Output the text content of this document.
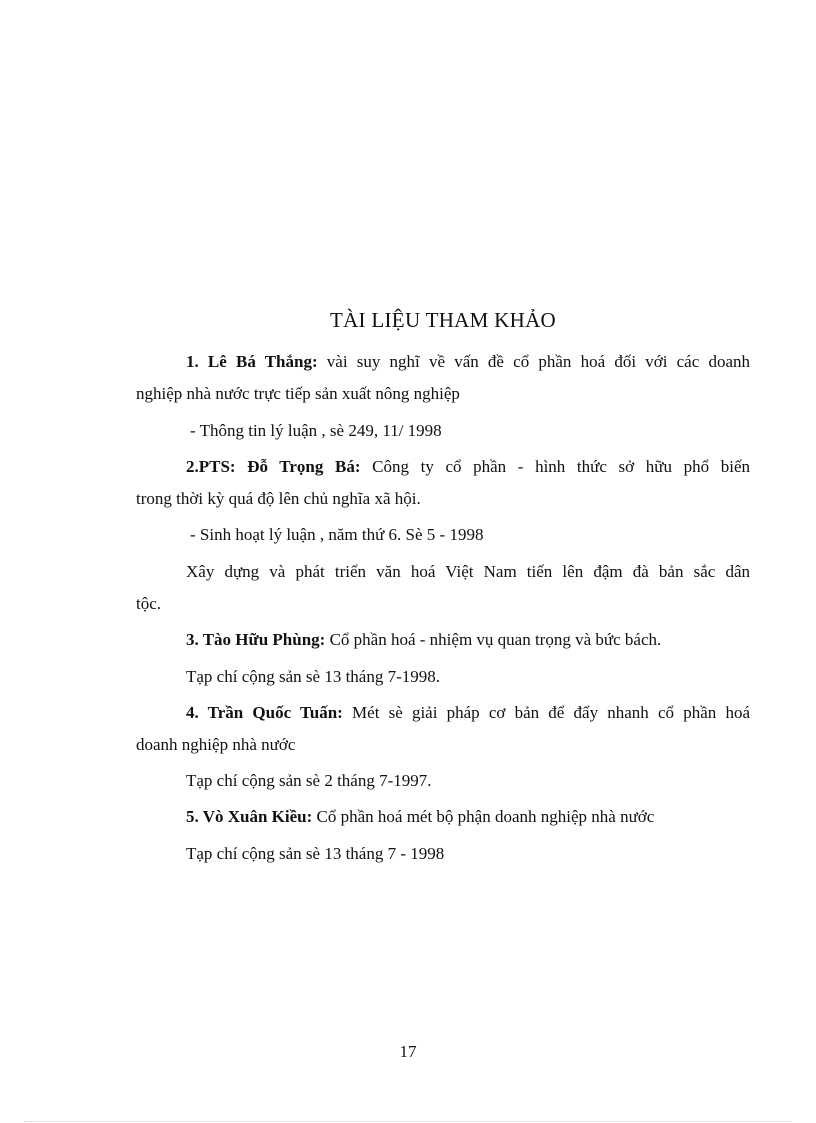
TÀI LIỆU THAM KHẢO
1. Lê Bá Thắng: vài suy nghĩ về vấn đề cổ phần hoá đối với các doanh
nghiệp nhà nước trực tiếp sản xuất nông nghiệp
- Thông tin lý luận , sè 249, 11/ 1998
2.PTS: Đỗ Trọng Bá: Công ty cổ phần - hình thức sở hữu phổ biến
trong thời kỳ quá độ lên chủ nghĩa xã hội.
- Sinh hoạt lý luận , năm thứ 6. Sè 5 - 1998
Xây dựng và phát triển văn hoá Việt Nam tiến lên đậm đà bản sắc dân
tộc.
3. Tào Hữu Phùng: Cổ phần hoá - nhiệm vụ quan trọng và bức bách.
Tạp chí cộng sản sè 13 tháng 7-1998.
4. Trần Quốc Tuấn: Mét sè giải pháp cơ bản để đẩy nhanh cổ phần hoá
doanh nghiệp nhà nước
Tạp chí cộng sản sè 2 tháng 7-1997.
5. Vò Xuân Kiều: Cổ phần hoá mét bộ phận doanh nghiệp nhà nước
Tạp chí cộng sản sè 13 tháng 7 - 1998
17
